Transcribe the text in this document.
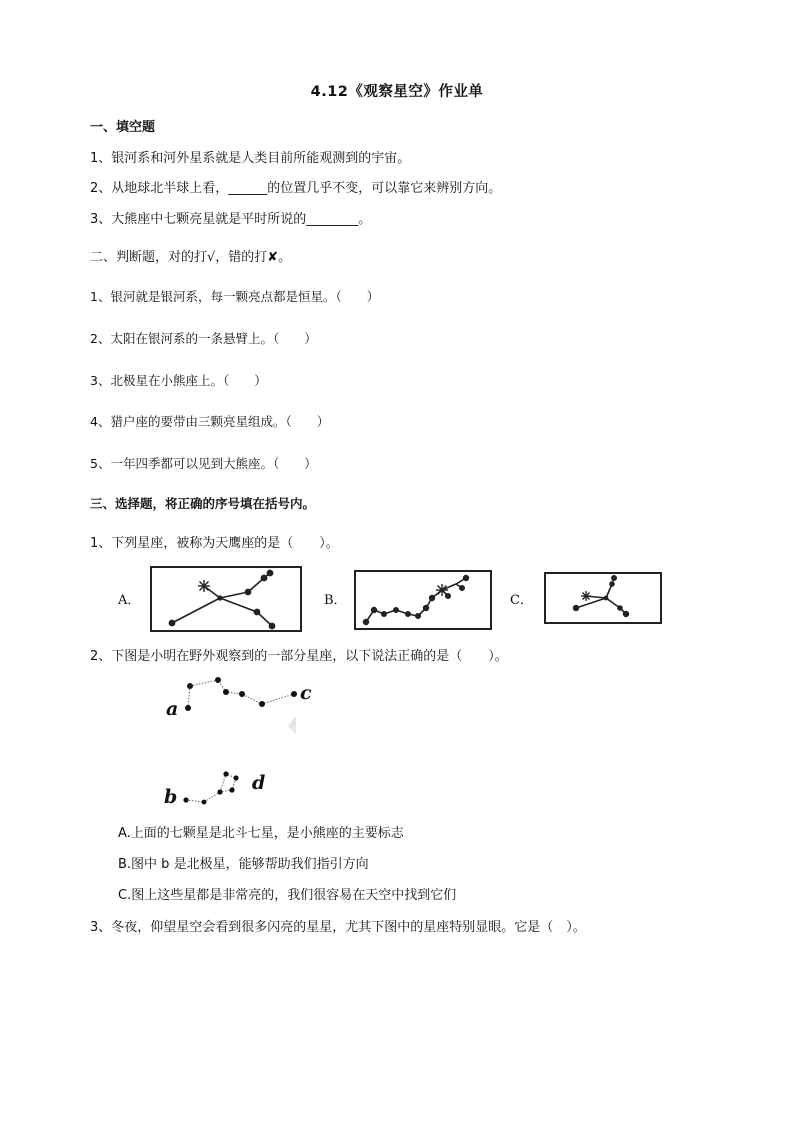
4.12《观察星空》作业单
一、填空题
1、银河系和河外星系就是人类目前所能观测到的宇宙。
2、从地球北半球上看，______的位置几乎不变，可以靠它来辨别方向。
3、大熊座中七颗亮星就是平时所说的________。
二、判断题，对的打√，错的打✘。
1、银河就是银河系，每一颗亮点都是恒星。（　　）
2、太阳在银河系的一条悬臂上。（　　）
3、北极星在小熊座上。（　　）
4、猎户座的要带由三颗亮星组成。（　　）
5、一年四季都可以见到大熊座。（　　）
三、选择题，将正确的序号填在括号内。
1、下列星座，被称为天鹰座的是（　　）。
A．	B．	C．
2、下图是小明在野外观察到的一部分星座，以下说法正确的是（　　）。
a
c
b
d
A.上面的七颗星是北斗七星，是小熊座的主要标志
B.图中 b 是北极星，能够帮助我们指引方向
C.图上这些星都是非常亮的，我们很容易在天空中找到它们
3、冬夜，仰望星空会看到很多闪亮的星星，尤其下图中的星座特别显眼。它是（　）。
